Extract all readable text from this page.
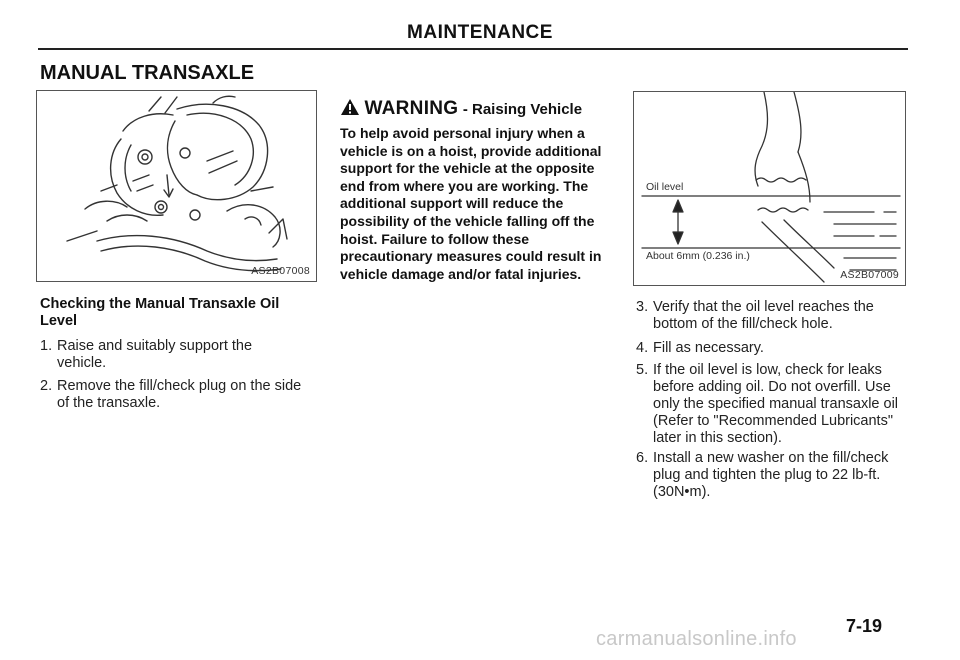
MAINTENANCE
MANUAL TRANSAXLE
AS2B07008
Checking the Manual Transaxle Oil Level
1. Raise and suitably support the vehicle.
2. Remove the fill/check plug on the side of the transaxle.
WARNING - Raising Vehicle
To help avoid personal injury when a vehicle is on a hoist, provide additional support for the vehicle at the opposite end from where you are working. The additional support will reduce the possibility of the vehicle falling off the hoist. Failure to follow these precautionary measures could result in vehicle damage and/or fatal injuries.
Oil level
About 6mm (0.236 in.)
AS2B07009
3. Verify that the oil level reaches the bottom of the fill/check hole.
4. Fill as necessary.
5. If the oil level is low, check for leaks before adding oil. Do not overfill. Use only the specified manual transaxle oil (Refer to "Recommended Lubricants" later in this section).
6. Install a new washer on the fill/check plug and tighten the plug to 22 lb-ft. (30N•m).
7-19
carmanualsonline.info
